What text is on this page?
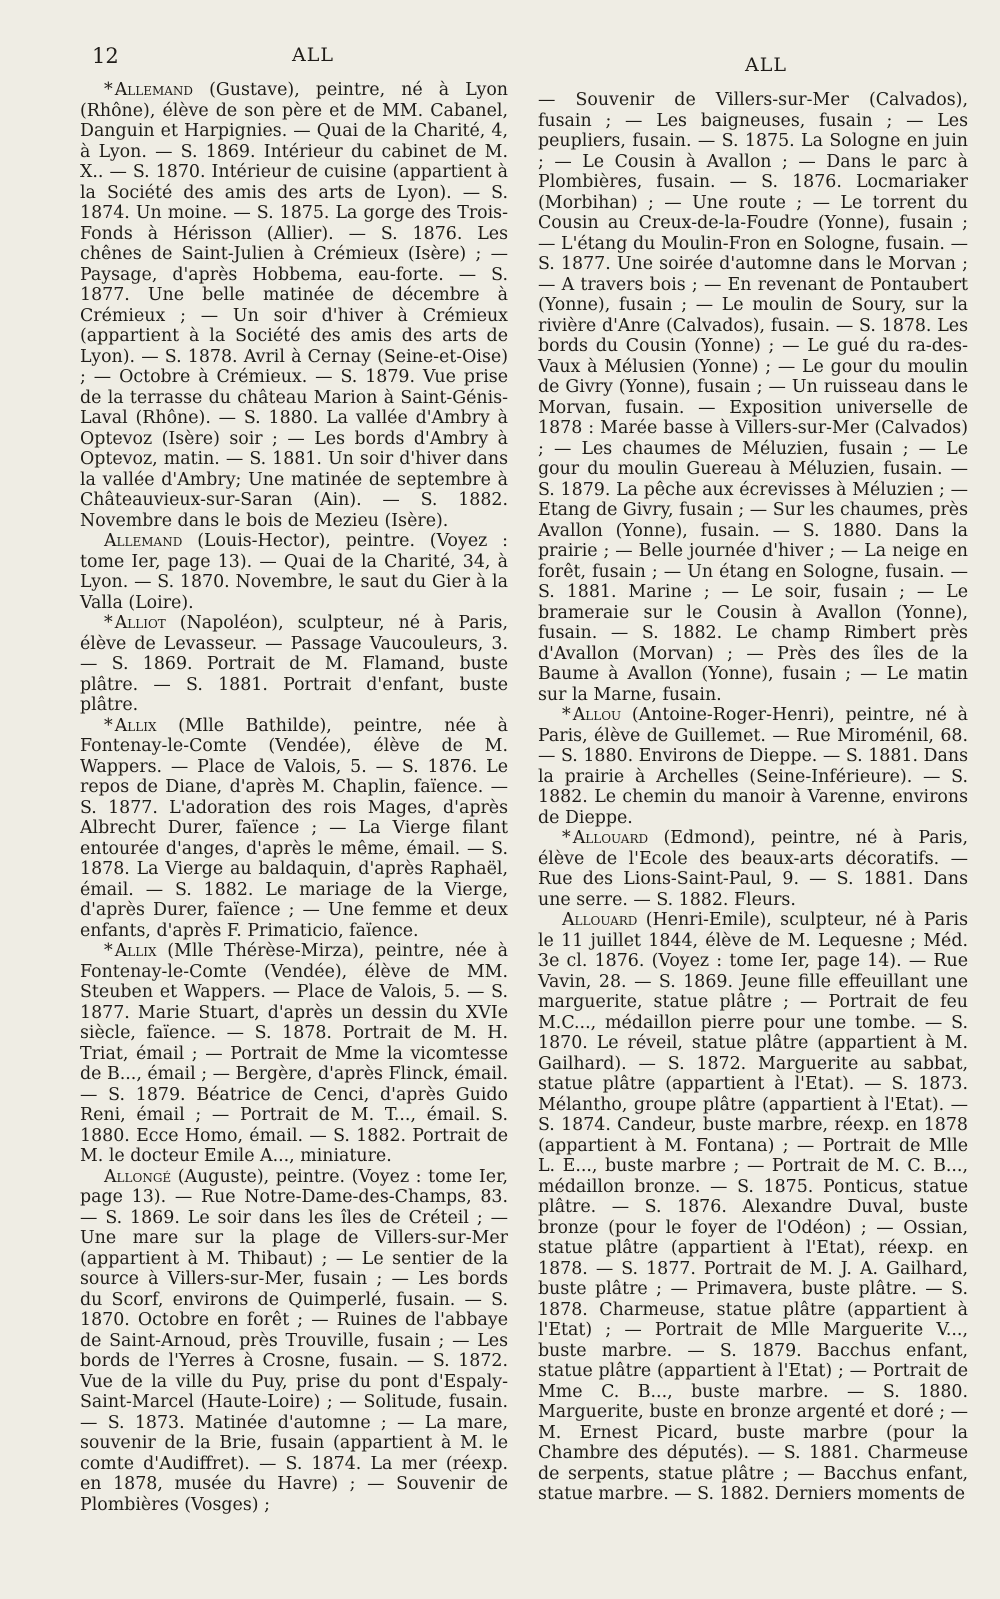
12	ALL	ALL

* Allemand (Gustave), peintre, né à Lyon (Rhône), élève de son père et de MM. Cabanel, Danguin et Harpignies. — Quai de la Charité, 4, à Lyon. — S. 1869. Intérieur du cabinet de M. X.. — S. 1870. Intérieur de cuisine (appartient à la Société des amis des arts de Lyon). — S. 1874. Un moine. — S. 1875. La gorge des Trois-Fonds à Hérisson (Allier). — S. 1876. Les chênes de Saint-Julien à Crémieux (Isère) ; — Paysage, d'après Hobbema, eau-forte. — S. 1877. Une belle matinée de décembre à Crémieux ; — Un soir d'hiver à Crémieux (appartient à la Société des amis des arts de Lyon). — S. 1878. Avril à Cernay (Seine-et-Oise) ; — Octobre à Crémieux. — S. 1879. Vue prise de la terrasse du château Marion à Saint-Génis-Laval (Rhône). — S. 1880. La vallée d'Ambry à Optevoz (Isère) soir ; — Les bords d'Ambry à Optevoz, matin. — S. 1881. Un soir d'hiver dans la vallée d'Ambry; Une matinée de septembre à Châteauvieux-sur-Saran (Ain). — S. 1882. Novembre dans le bois de Mezieu (Isère).

Allemand (Louis-Hector), peintre. (Voyez : tome Ier, page 13). — Quai de la Charité, 34, à Lyon. — S. 1870. Novembre, le saut du Gier à la Valla (Loire).

* Alliot (Napoléon), sculpteur, né à Paris, élève de Levasseur. — Passage Vaucouleurs, 3. — S. 1869. Portrait de M. Flamand, buste plâtre. — S. 1881. Portrait d'enfant, buste plâtre.

* Allix (Mlle Bathilde), peintre, née à Fontenay-le-Comte (Vendée), élève de M. Wappers. — Place de Valois, 5. — S. 1876. Le repos de Diane, d'après M. Chaplin, faïence. — S. 1877. L'adoration des rois Mages, d'après Albrecht Durer, faïence ; — La Vierge filant entourée d'anges, d'après le même, émail. — S. 1878. La Vierge au baldaquin, d'après Raphaël, émail. — S. 1882. Le mariage de la Vierge, d'après Durer, faïence ; — Une femme et deux enfants, d'après F. Primaticio, faïence.

* Allix (Mlle Thérèse-Mirza), peintre, née à Fontenay-le-Comte (Vendée), élève de MM. Steuben et Wappers. — Place de Valois, 5. — S. 1877. Marie Stuart, d'après un dessin du XVIe siècle, faïence. — S. 1878. Portrait de M. H. Triat, émail ; — Portrait de Mme la vicomtesse de B..., émail ; — Bergère, d'après Flinck, émail. — S. 1879. Béatrice de Cenci, d'après Guido Reni, émail ; — Portrait de M. T..., émail. S. 1880. Ecce Homo, émail. — S. 1882. Portrait de M. le docteur Emile A..., miniature.

Allongé (Auguste), peintre. (Voyez : tome Ier, page 13). — Rue Notre-Dame-des-Champs, 83. — S. 1869. Le soir dans les îles de Créteil ; — Une mare sur la plage de Villers-sur-Mer (appartient à M. Thibaut) ; — Le sentier de la source à Villers-sur-Mer, fusain ; — Les bords du Scorf, environs de Quimperlé, fusain. — S. 1870. Octobre en forêt ; — Ruines de l'abbaye de Saint-Arnoud, près Trouville, fusain ; — Les bords de l'Yerres à Crosne, fusain. — S. 1872. Vue de la ville du Puy, prise du pont d'Espaly-Saint-Marcel (Haute-Loire) ; — Solitude, fusain. — S. 1873. Matinée d'automne ; — La mare, souvenir de la Brie, fusain (appartient à M. le comte d'Audiffret). — S. 1874. La mer (réexp. en 1878, musée du Havre) ; — Souvenir de Plombières (Vosges) ;

— Souvenir de Villers-sur-Mer (Calvados), fusain ; — Les baigneuses, fusain ; — Les peupliers, fusain. — S. 1875. La Sologne en juin ; — Le Cousin à Avallon ; — Dans le parc à Plombières, fusain. — S. 1876. Locmariaker (Morbihan) ; — Une route ; — Le torrent du Cousin au Creux-de-la-Foudre (Yonne), fusain ; — L'étang du Moulin-Fron en Sologne, fusain. — S. 1877. Une soirée d'automne dans le Morvan ; — A travers bois ; — En revenant de Pontaubert (Yonne), fusain ; — Le moulin de Soury, sur la rivière d'Anre (Calvados), fusain. — S. 1878. Les bords du Cousin (Yonne) ; — Le gué du ra-des-Vaux à Mélusien (Yonne) ; — Le gour du moulin de Givry (Yonne), fusain ; — Un ruisseau dans le Morvan, fusain. — Exposition universelle de 1878 : Marée basse à Villers-sur-Mer (Calvados) ; — Les chaumes de Méluzien, fusain ; — Le gour du moulin Guereau à Méluzien, fusain. — S. 1879. La pêche aux écrevisses à Méluzien ; — Etang de Givry, fusain ; — Sur les chaumes, près Avallon (Yonne), fusain. — S. 1880. Dans la prairie ; — Belle journée d'hiver ; — La neige en forêt, fusain ; — Un étang en Sologne, fusain. — S. 1881. Marine ; — Le soir, fusain ; — Le brameraie sur le Cousin à Avallon (Yonne), fusain. — S. 1882. Le champ Rimbert près d'Avallon (Morvan) ; — Près des îles de la Baume à Avallon (Yonne), fusain ; — Le matin sur la Marne, fusain.

* Allou (Antoine-Roger-Henri), peintre, né à Paris, élève de Guillemet. — Rue Miroménil, 68. — S. 1880. Environs de Dieppe. — S. 1881. Dans la prairie à Archelles (Seine-Inférieure). — S. 1882. Le chemin du manoir à Varenne, environs de Dieppe.

* Allouard (Edmond), peintre, né à Paris, élève de l'Ecole des beaux-arts décoratifs. — Rue des Lions-Saint-Paul, 9. — S. 1881. Dans une serre. — S. 1882. Fleurs.

Allouard (Henri-Emile), sculpteur, né à Paris le 11 juillet 1844, élève de M. Lequesne ; Méd. 3e cl. 1876. (Voyez : tome Ier, page 14). — Rue Vavin, 28. — S. 1869. Jeune fille effeuillant une marguerite, statue plâtre ; — Portrait de feu M.C..., médaillon pierre pour une tombe. — S. 1870. Le réveil, statue plâtre (appartient à M. Gailhard). — S. 1872. Marguerite au sabbat, statue plâtre (appartient à l'Etat). — S. 1873. Mélantho, groupe plâtre (appartient à l'Etat). — S. 1874. Candeur, buste marbre, réexp. en 1878 (appartient à M. Fontana) ; — Portrait de Mlle L. E..., buste marbre ; — Portrait de M. C. B..., médaillon bronze. — S. 1875. Ponticus, statue plâtre. — S. 1876. Alexandre Duval, buste bronze (pour le foyer de l'Odéon) ; — Ossian, statue plâtre (appartient à l'Etat), réexp. en 1878. — S. 1877. Portrait de M. J. A. Gailhard, buste plâtre ; — Primavera, buste plâtre. — S. 1878. Charmeuse, statue plâtre (appartient à l'Etat) ; — Portrait de Mlle Marguerite V..., buste marbre. — S. 1879. Bacchus enfant, statue plâtre (appartient à l'Etat) ; — Portrait de Mme C. B..., buste marbre. — S. 1880. Marguerite, buste en bronze argenté et doré ; — M. Ernest Picard, buste marbre (pour la Chambre des députés). — S. 1881. Charmeuse de serpents, statue plâtre ; — Bacchus enfant, statue marbre. — S. 1882. Derniers moments de
